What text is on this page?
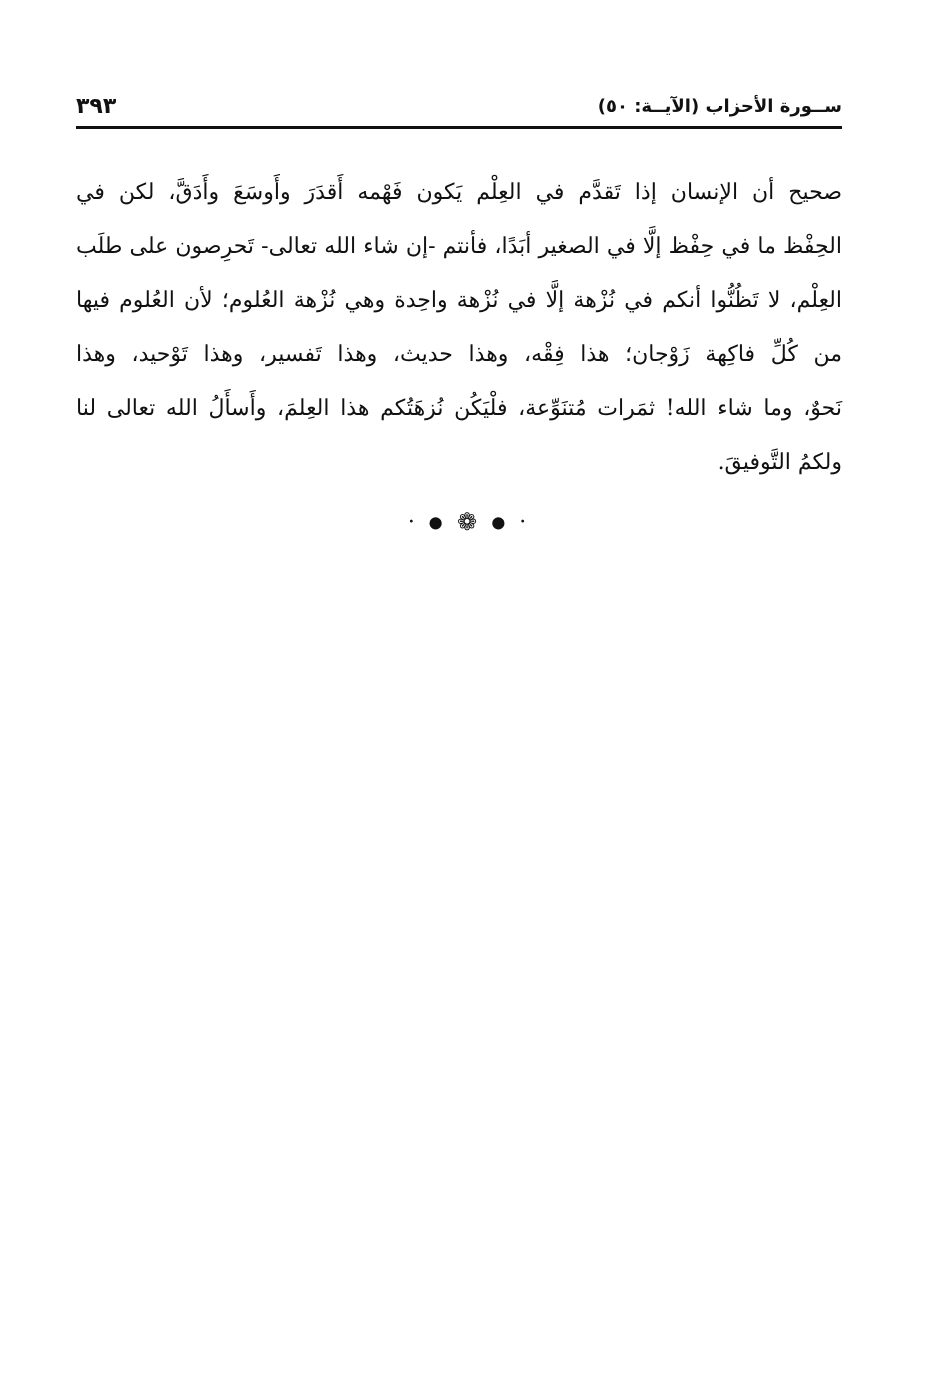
٣٩٣	ســورة الأحزاب (الآيــة: ٥٠)
صحيح أن الإنسان إذا تَقدَّم في العِلْم يَكون فَهْمه أَقدَرَ وأَوسَعَ وأَدَقَّ، لكن في
الحِفْظ ما في حِفْظ إلَّا في الصغير أبَدًا، فأنتم -إن شاء الله تعالى- تَحرِصون على طلَب
العِلْم، لا تَظُنُّوا أنكم في نُزْهة إلَّا في نُزْهة واحِدة وهي نُزْهة العُلوم؛ لأن العُلوم فيها
من كُلِّ فاكِهة زَوْجان؛ هذا فِقْه، وهذا حديث، وهذا تَفسير، وهذا تَوْحيد، وهذا
نَحوٌ، وما شاء الله! ثمَرات مُتنَوِّعة، فلْيَكُن نُزهَتُكم هذا العِلمَ، وأَسأَلُ الله تعالى لنا
ولكمُ التَّوفيقَ.
• ● ❁ ● •
